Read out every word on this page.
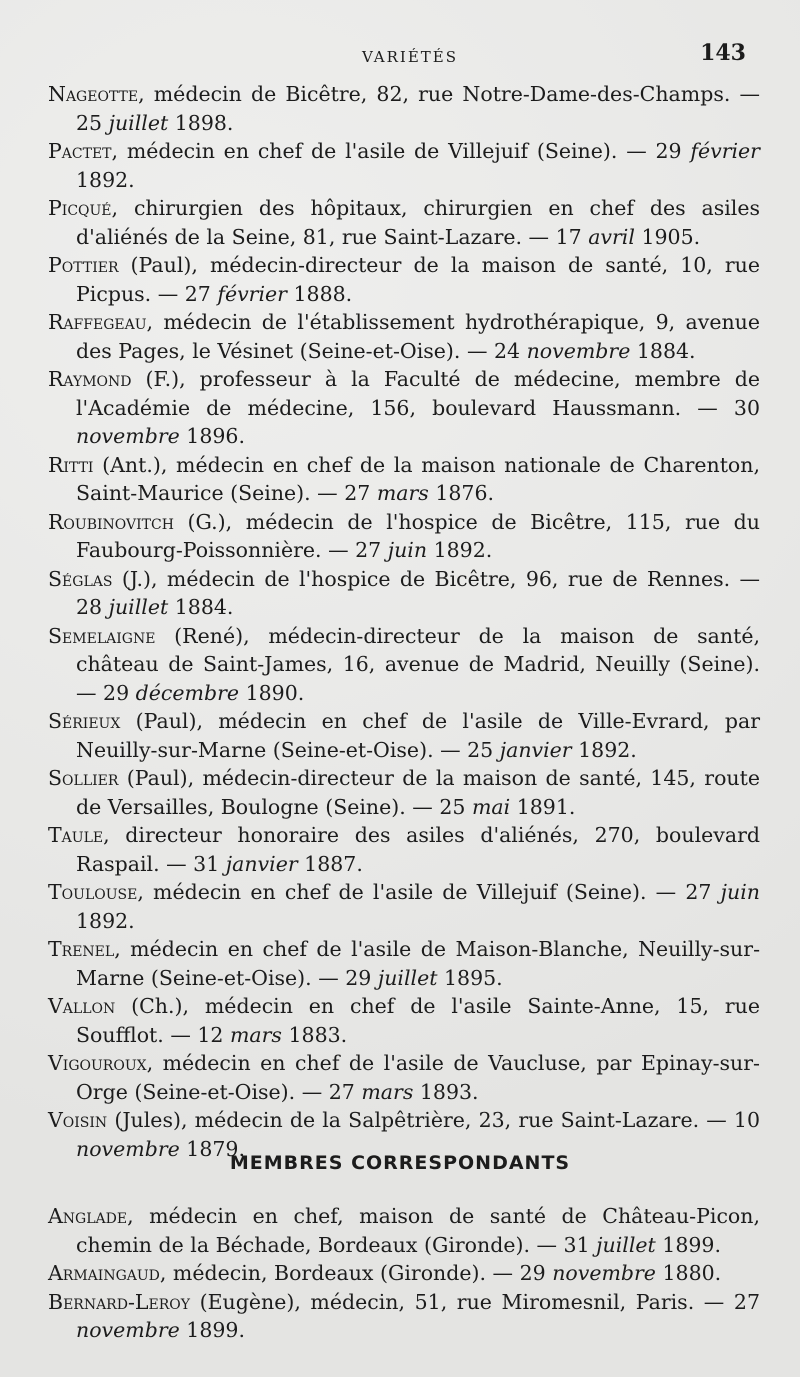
VARIÉTÉS	143

Nageotte, médecin de Bicêtre, 82, rue Notre-Dame-des-Champs. — 25 juillet 1898.

Pactet, médecin en chef de l'asile de Villejuif (Seine). — 29 février 1892.

Picqué, chirurgien des hôpitaux, chirurgien en chef des asiles d'aliénés de la Seine, 81, rue Saint-Lazare. — 17 avril 1905.

Pottier (Paul), médecin-directeur de la maison de santé, 10, rue Picpus. — 27 février 1888.

Raffegeau, médecin de l'établissement hydrothérapique, 9, avenue des Pages, le Vésinet (Seine-et-Oise). — 24 novembre 1884.

Raymond (F.), professeur à la Faculté de médecine, membre de l'Académie de médecine, 156, boulevard Haussmann. — 30 novembre 1896.

Ritti (Ant.), médecin en chef de la maison nationale de Charenton, Saint-Maurice (Seine). — 27 mars 1876.

Roubinovitch (G.), médecin de l'hospice de Bicêtre, 115, rue du Faubourg-Poissonnière. — 27 juin 1892.

Séglas (J.), médecin de l'hospice de Bicêtre, 96, rue de Rennes. — 28 juillet 1884.

Semelaigne (René), médecin-directeur de la maison de santé, château de Saint-James, 16, avenue de Madrid, Neuilly (Seine). — 29 décembre 1890.

Sérieux (Paul), médecin en chef de l'asile de Ville-Evrard, par Neuilly-sur-Marne (Seine-et-Oise). — 25 janvier 1892.

Sollier (Paul), médecin-directeur de la maison de santé, 145, route de Versailles, Boulogne (Seine). — 25 mai 1891.

Taule, directeur honoraire des asiles d'aliénés, 270, boulevard Raspail. — 31 janvier 1887.

Toulouse, médecin en chef de l'asile de Villejuif (Seine). — 27 juin 1892.

Trenel, médecin en chef de l'asile de Maison-Blanche, Neuilly-sur-Marne (Seine-et-Oise). — 29 juillet 1895.

Vallon (Ch.), médecin en chef de l'asile Sainte-Anne, 15, rue Soufflot. — 12 mars 1883.

Vigouroux, médecin en chef de l'asile de Vaucluse, par Epinay-sur-Orge (Seine-et-Oise). — 27 mars 1893.

Voisin (Jules), médecin de la Salpêtrière, 23, rue Saint-Lazare. — 10 novembre 1879.

MEMBRES CORRESPONDANTS

Anglade, médecin en chef, maison de santé de Château-Picon, chemin de la Béchade, Bordeaux (Gironde). — 31 juillet 1899.

Armaingaud, médecin, Bordeaux (Gironde). — 29 novembre 1880.

Bernard-Leroy (Eugène), médecin, 51, rue Miromesnil, Paris. — 27 novembre 1899.
